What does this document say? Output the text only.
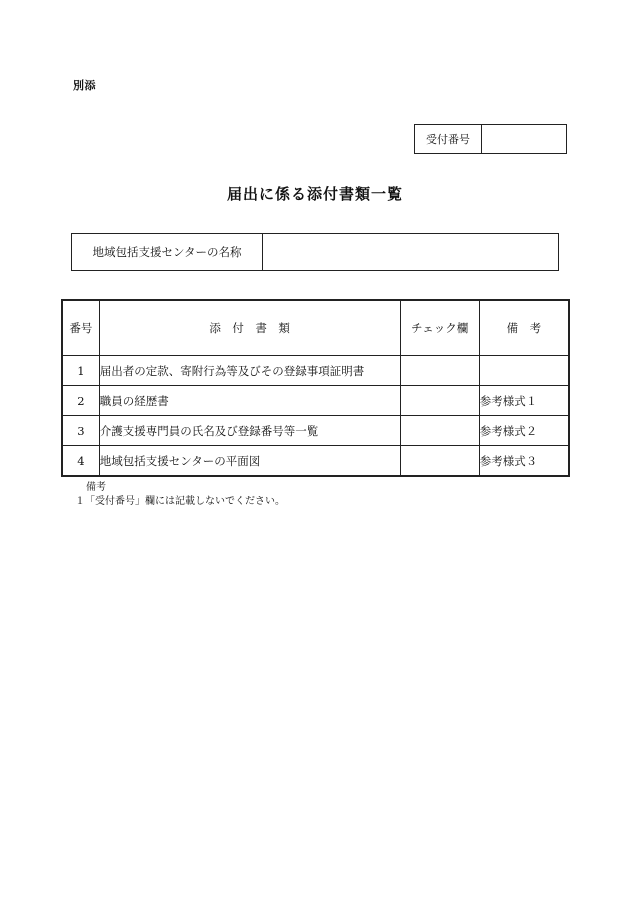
別添
受付番号
届出に係る添付書類一覧
地域包括支援センターの名称
番号	添　付　書　類	チェック欄	備　考
1	届出者の定款、寄附行為等及びその登録事項証明書		
2	職員の経歴書		参考様式１
3	介護支援専門員の氏名及び登録番号等一覧		参考様式２
4	地域包括支援センターの平面図		参考様式３
備考
１「受付番号」欄には記載しないでください。
